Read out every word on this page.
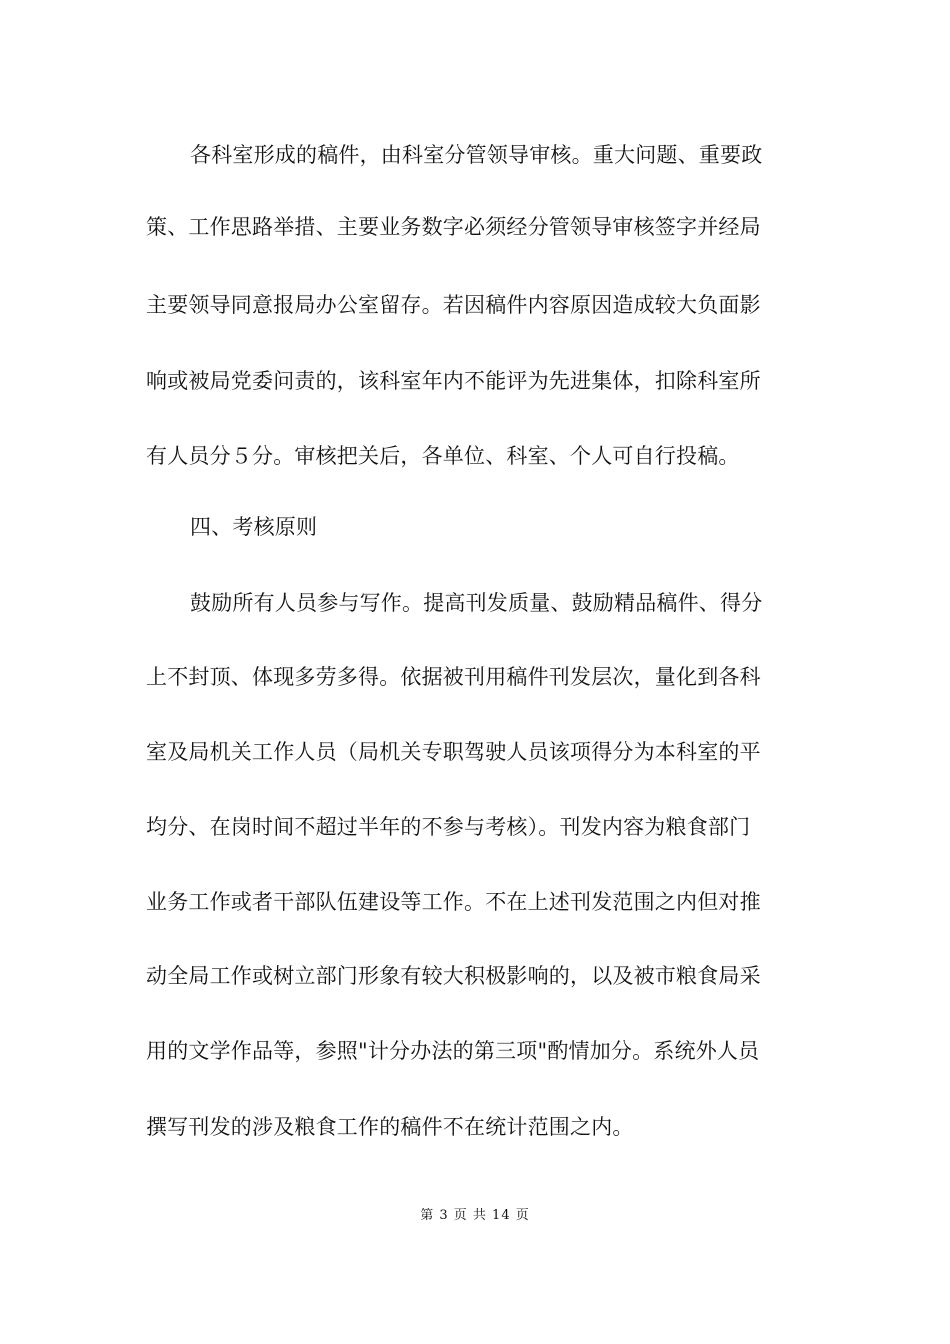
各科室形成的稿件，由科室分管领导审核。重大问题、重要政
策、工作思路举措、主要业务数字必须经分管领导审核签字并经局
主要领导同意报局办公室留存。若因稿件内容原因造成较大负面影
响或被局党委问责的，该科室年内不能评为先进集体，扣除科室所
有人员分５分。审核把关后，各单位、科室、个人可自行投稿。
四、考核原则
鼓励所有人员参与写作。提高刊发质量、鼓励精品稿件、得分
上不封顶、体现多劳多得。依据被刊用稿件刊发层次，量化到各科
室及局机关工作人员（局机关专职驾驶人员该项得分为本科室的平
均分、在岗时间不超过半年的不参与考核）。刊发内容为粮食部门
业务工作或者干部队伍建设等工作。不在上述刊发范围之内但对推
动全局工作或树立部门形象有较大积极影响的，以及被市粮食局采
用的文学作品等，参照"计分办法的第三项"酌情加分。系统外人员
撰写刊发的涉及粮食工作的稿件不在统计范围之内。
第 3 页 共 14 页
